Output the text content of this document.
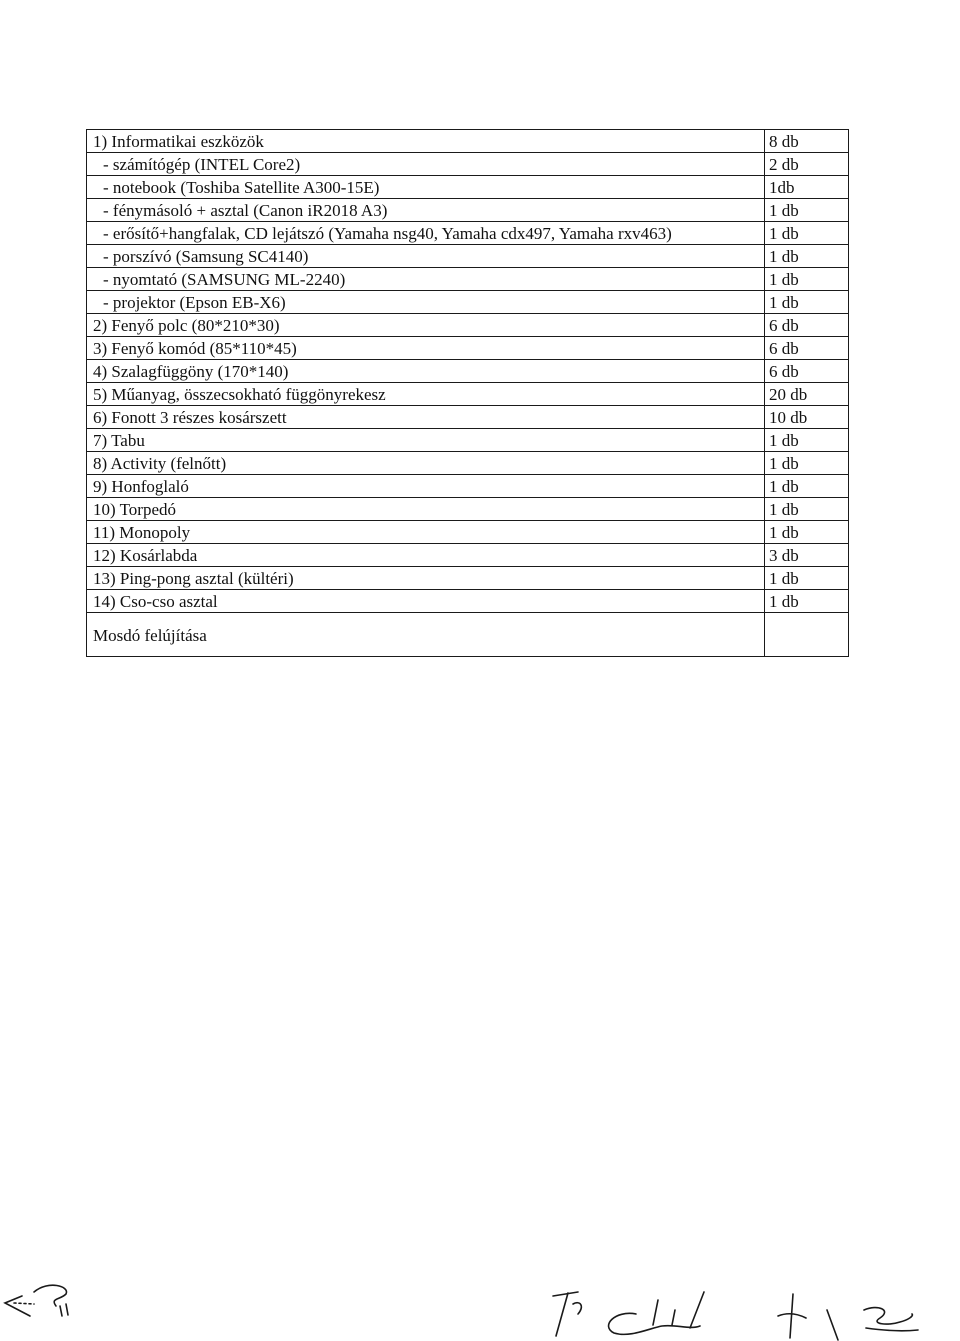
1) Informatikai eszközök	8 db
- számítógép (INTEL Core2)	2 db
- notebook (Toshiba Satellite A300-15E)	1db
- fénymásoló + asztal (Canon iR2018 A3)	1 db
- erősítő+hangfalak, CD lejátszó (Yamaha nsg40, Yamaha cdx497, Yamaha rxv463)	1 db
- porszívó (Samsung SC4140)	1 db
- nyomtató (SAMSUNG ML-2240)	1 db
- projektor (Epson EB-X6)	1 db
2) Fenyő polc (80*210*30)	6 db
3) Fenyő komód (85*110*45)	6 db
4) Szalagfüggöny (170*140)	6 db
5) Műanyag, összecsokható függönyrekesz	20 db
6) Fonott 3 részes kosárszett	10 db
7) Tabu	1 db
8) Activity (felnőtt)	1 db
9) Honfoglaló	1 db
10) Torpedó	1 db
11) Monopoly	1 db
12) Kosárlabda	3 db
13) Ping-pong asztal (kültéri)	1 db
14) Cso-cso asztal	1 db
Mosdó felújítása	
